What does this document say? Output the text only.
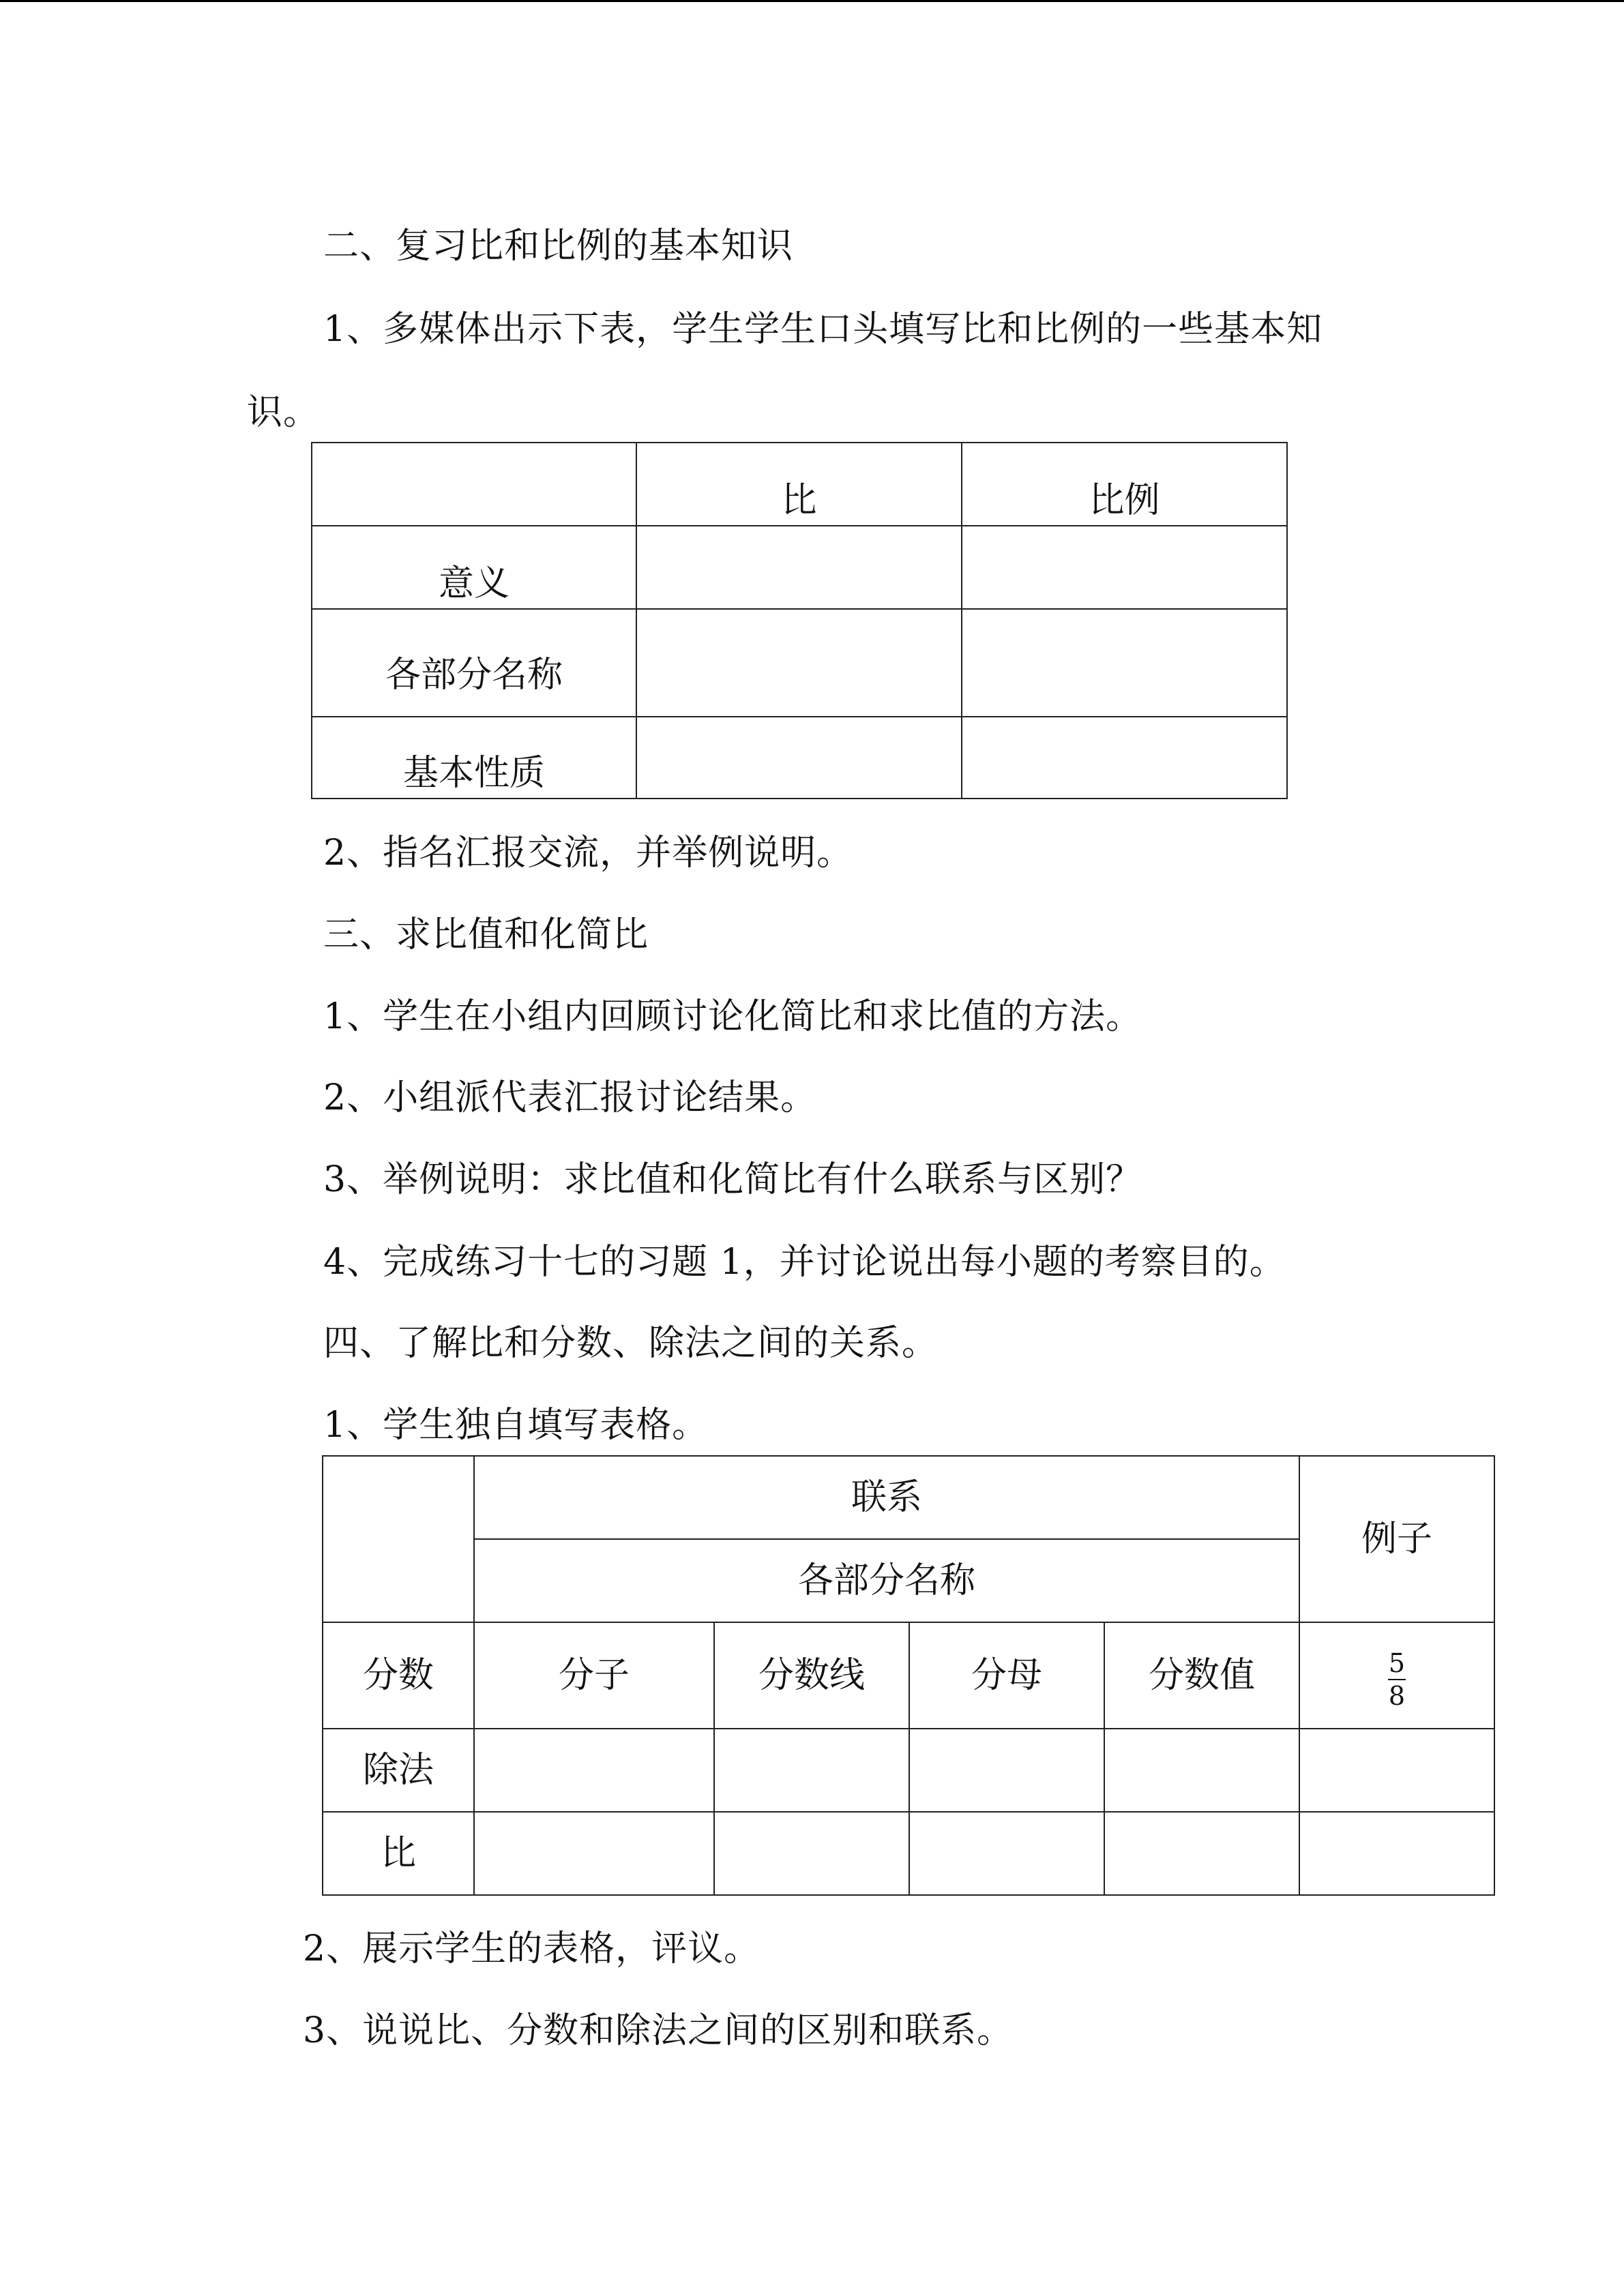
二、复习比和比例的基本知识
1、多媒体出示下表，学生学生口头填写比和比例的一些基本知
识。
	比	比例
意义		
各部分名称		
基本性质		
2、指名汇报交流，并举例说明。
三、求比值和化简比
1、学生在小组内回顾讨论化简比和求比值的方法。
2、小组派代表汇报讨论结果。
3、举例说明：求比值和化简比有什么联系与区别？
4、完成练习十七的习题 1，并讨论说出每小题的考察目的。
四、了解比和分数、除法之间的关系。
1、学生独自填写表格。
	联系				例子
	各部分名称				
分数	分子	分数线	分母	分数值	$\frac{5}{8}$

除法					
比					
2、展示学生的表格，评议。
3、说说比、分数和除法之间的区别和联系。
